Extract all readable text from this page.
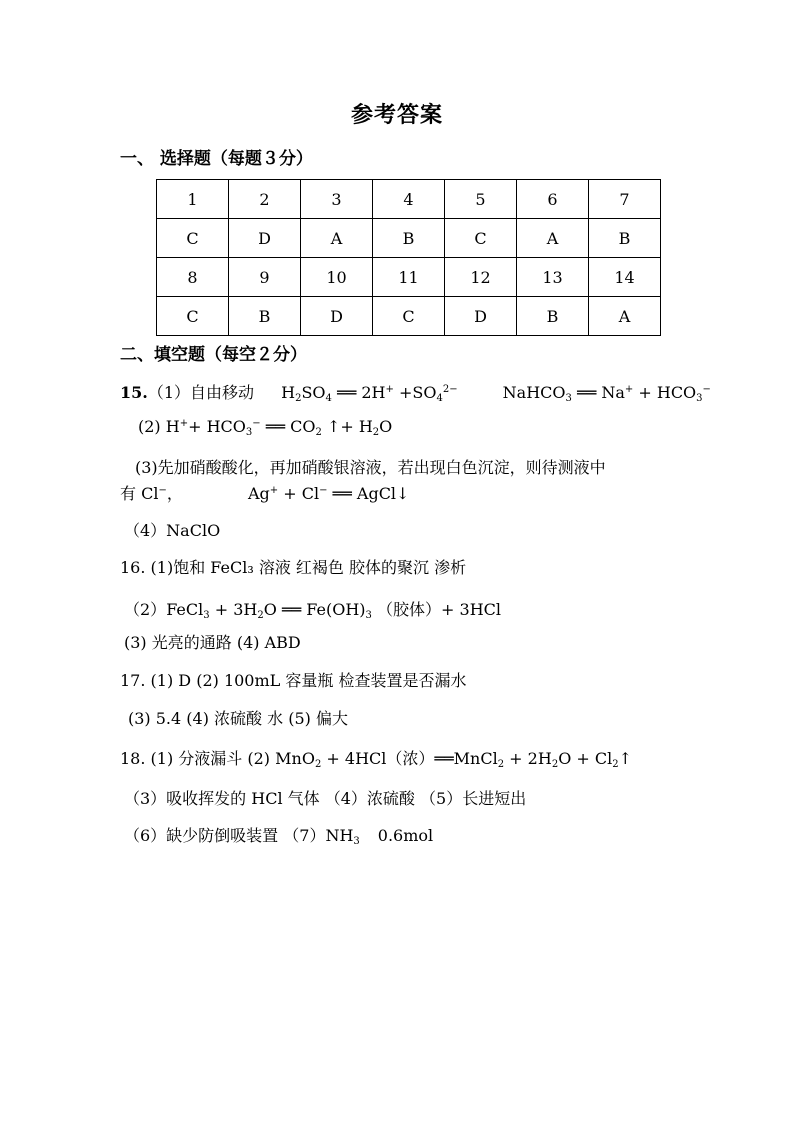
参考答案
一、 选择题（每题３分）
1	2	3	4	5	6	7
C	D	A	B	C	A	B
8	9	10	11	12	13	14
C	B	D	C	D	B	A
二、填空题（每空２分）
15.（1）自由移动 $H_2SO_4$ ══ $2H^+ +SO_4^{2-}$	NaHCO$_3$ ══ $Na^+ + HCO_3^-$
(2) $H^++ HCO_3^-$ ══ $CO_2$ ↑+ $H_2O$
(3)先加硝酸酸化，再加硝酸银溶液，若出现白色沉淀，则待测液中
有 Cl−，	Ag+ + Cl− ══ AgCl↓
（4）NaClO
16. (1)饱和 FeCl₃ 溶液 红褐色 胶体的聚沉 渗析
（2）FeCl$_3$ + $3H_2O$ ══ $Fe(OH)_3$ （胶体）+ 3HCl
(3) 光亮的通路 (4) ABD
17. (1) D (2) 100mL 容量瓶 检查装置是否漏水
(3) 5.4 (4) 浓硫酸 水 (5) 偏大
18. (1) 分液漏斗 (2) MnO$_2$ + 4HCl（浓）══MnCl$_2$ + $2H_2O$ + $Cl_2↑$
（3）吸收挥发的 HCl 气体 （4）浓硫酸 （5）长进短出
（6）缺少防倒吸装置 $(7)NH_3$ 0.6mol
